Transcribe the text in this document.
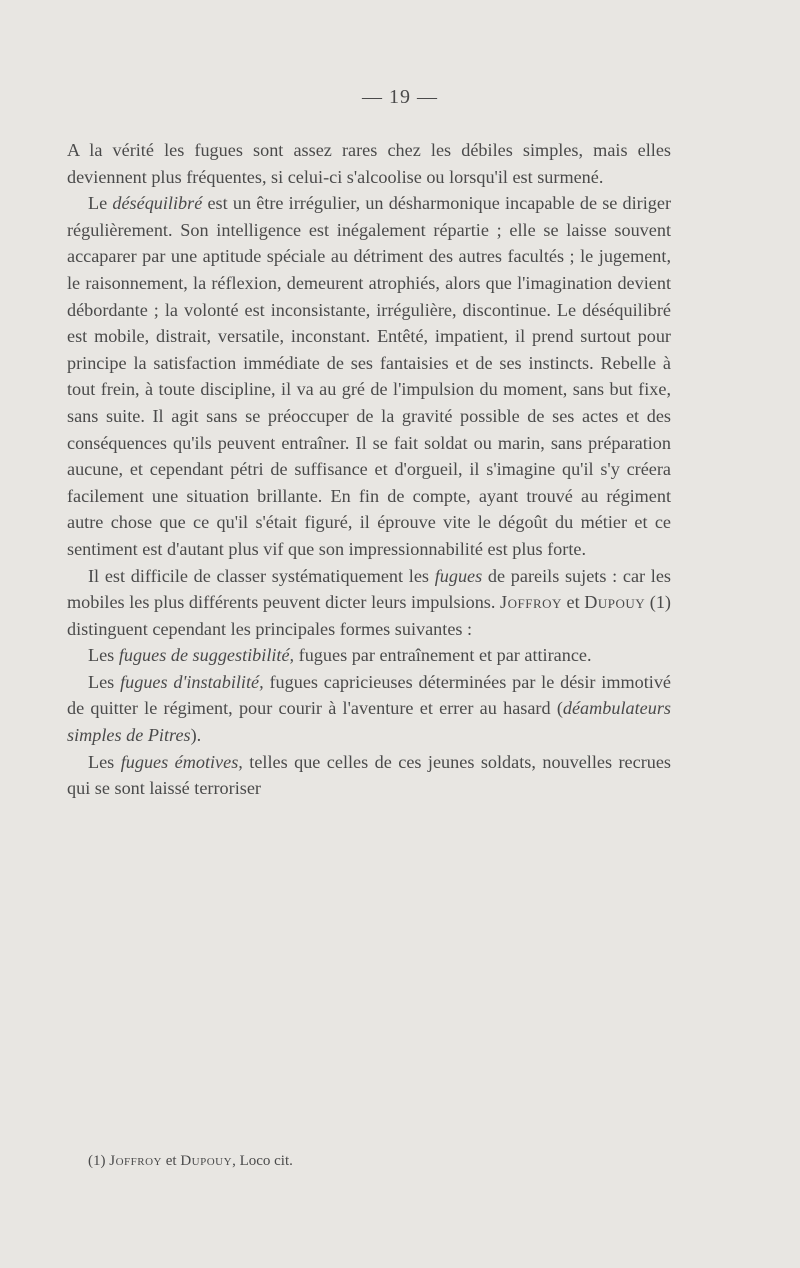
— 19 —

A la vérité les fugues sont assez rares chez les débiles simples, mais elles deviennent plus fréquentes, si celui-ci s'alcoolise ou lorsqu'il est surmené.

Le déséquilibré est un être irrégulier, un désharmonique incapable de se diriger régulièrement. Son intelligence est inégalement répartie ; elle se laisse souvent accaparer par une aptitude spéciale au détriment des autres facultés ; le jugement, le raisonnement, la réflexion, demeurent atrophiés, alors que l'imagination devient débordante ; la volonté est inconsistante, irrégulière, discontinue. Le déséquilibré est mobile, distrait, versatile, inconstant. Entêté, impatient, il prend surtout pour principe la satisfaction immédiate de ses fantaisies et de ses instincts. Rebelle à tout frein, à toute discipline, il va au gré de l'impulsion du moment, sans but fixe, sans suite. Il agit sans se préoccuper de la gravité possible de ses actes et des conséquences qu'ils peuvent entraîner. Il se fait soldat ou marin, sans préparation aucune, et cependant pétri de suffisance et d'orgueil, il s'imagine qu'il s'y créera facilement une situation brillante. En fin de compte, ayant trouvé au régiment autre chose que ce qu'il s'était figuré, il éprouve vite le dégoût du métier et ce sentiment est d'autant plus vif que son impressionnabilité est plus forte.

Il est difficile de classer systématiquement les fugues de pareils sujets : car les mobiles les plus différents peuvent dicter leurs impulsions. Joffroy et Dupouy (1) distinguent cependant les principales formes suivantes :

Les fugues de suggestibilité, fugues par entraînement et par attirance.

Les fugues d'instabilité, fugues capricieuses déterminées par le désir immotivé de quitter le régiment, pour courir à l'aventure et errer au hasard (déambulateurs simples de Pitres).

Les fugues émotives, telles que celles de ces jeunes soldats, nouvelles recrues qui se sont laissé terroriser

(1) Joffroy et Dupouy, Loco cit.
